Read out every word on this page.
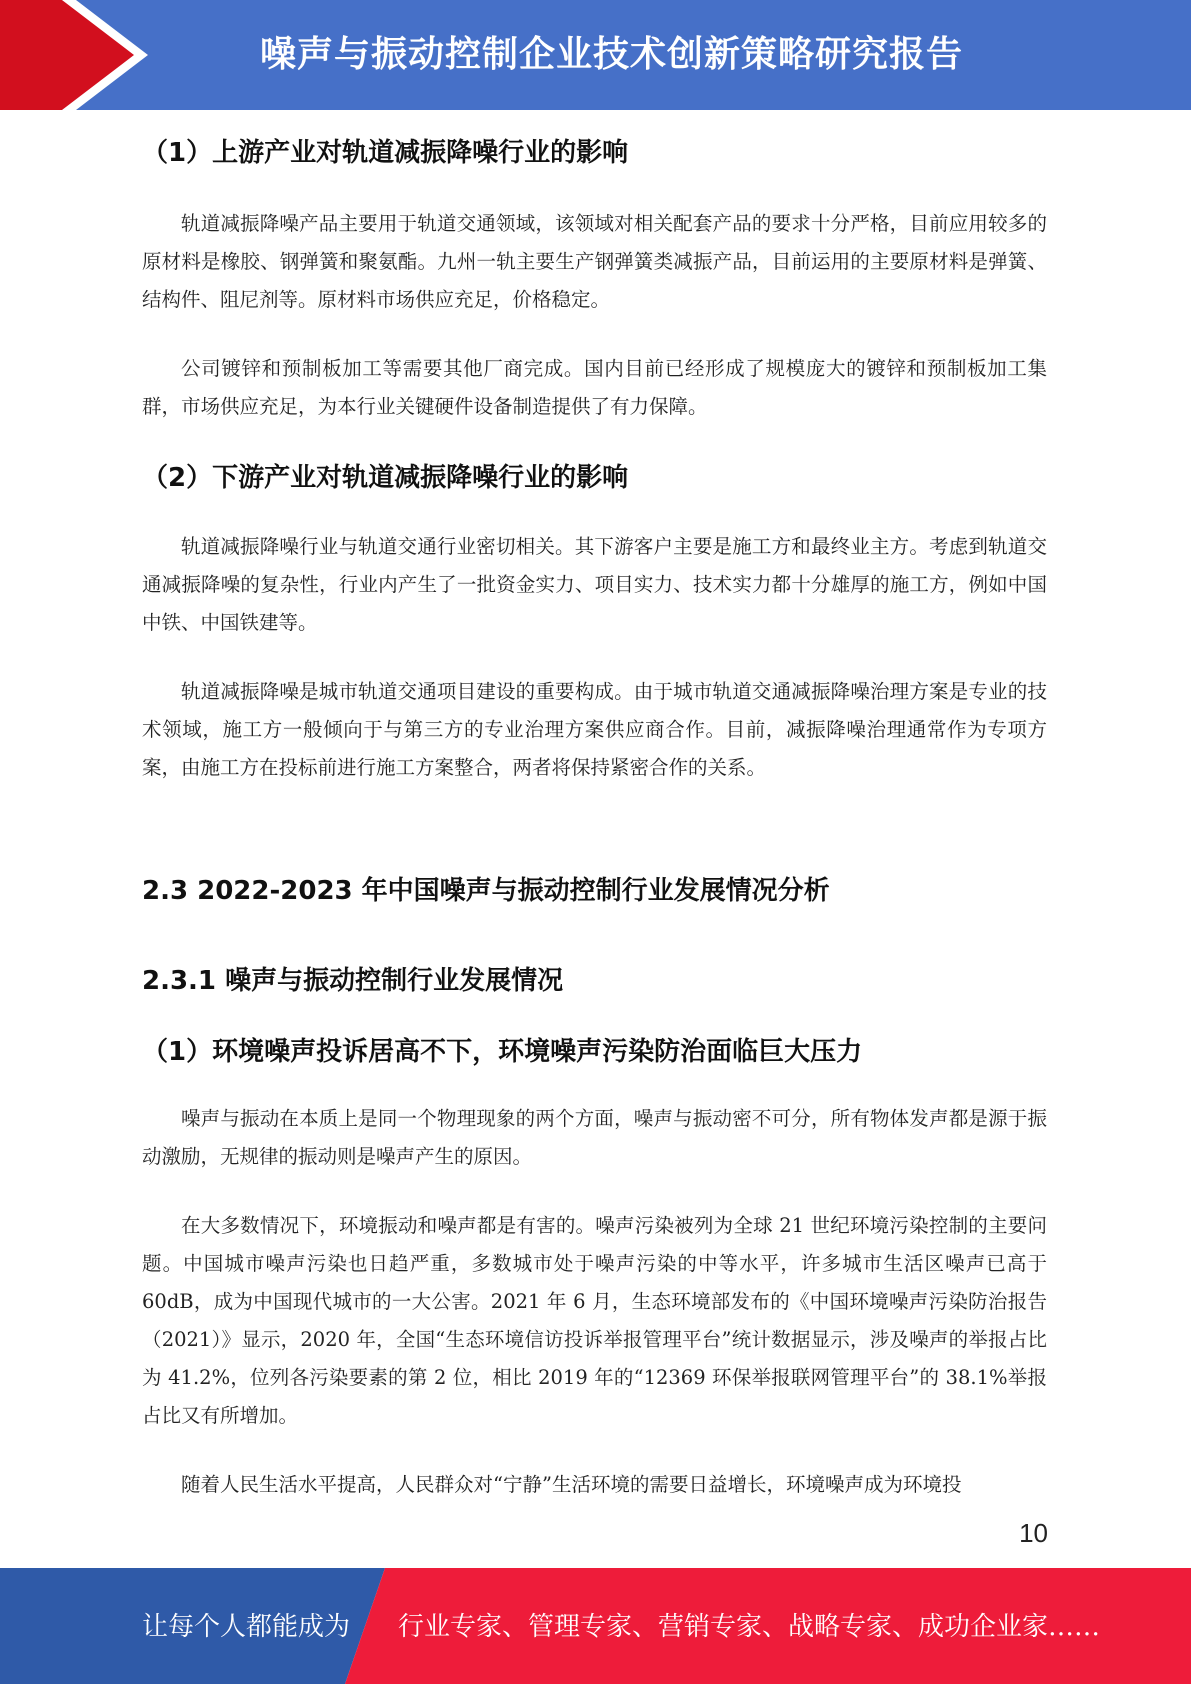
噪声与振动控制企业技术创新策略研究报告
（1）上游产业对轨道减振降噪行业的影响
轨道减振降噪产品主要用于轨道交通领域，该领域对相关配套产品的要求十分严格，目前应用较多的原材料是橡胶、钢弹簧和聚氨酯。九州一轨主要生产钢弹簧类减振产品，目前运用的主要原材料是弹簧、结构件、阻尼剂等。原材料市场供应充足，价格稳定。
公司镀锌和预制板加工等需要其他厂商完成。国内目前已经形成了规模庞大的镀锌和预制板加工集群，市场供应充足，为本行业关键硬件设备制造提供了有力保障。
（2）下游产业对轨道减振降噪行业的影响
轨道减振降噪行业与轨道交通行业密切相关。其下游客户主要是施工方和最终业主方。考虑到轨道交通减振降噪的复杂性，行业内产生了一批资金实力、项目实力、技术实力都十分雄厚的施工方，例如中国中铁、中国铁建等。
轨道减振降噪是城市轨道交通项目建设的重要构成。由于城市轨道交通减振降噪治理方案是专业的技术领域，施工方一般倾向于与第三方的专业治理方案供应商合作。目前，减振降噪治理通常作为专项方案，由施工方在投标前进行施工方案整合，两者将保持紧密合作的关系。
2.3 2022-2023 年中国噪声与振动控制行业发展情况分析
2.3.1 噪声与振动控制行业发展情况
（1）环境噪声投诉居高不下，环境噪声污染防治面临巨大压力
噪声与振动在本质上是同一个物理现象的两个方面，噪声与振动密不可分，所有物体发声都是源于振动激励，无规律的振动则是噪声产生的原因。
在大多数情况下，环境振动和噪声都是有害的。噪声污染被列为全球 21 世纪环境污染控制的主要问题。中国城市噪声污染也日趋严重，多数城市处于噪声污染的中等水平，许多城市生活区噪声已高于 60dB，成为中国现代城市的一大公害。2021 年 6 月，生态环境部发布的《中国环境噪声污染防治报告（2021）》显示，2020 年，全国“生态环境信访投诉举报管理平台”统计数据显示，涉及噪声的举报占比为 41.2%，位列各污染要素的第 2 位，相比 2019 年的“12369 环保举报联网管理平台”的 38.1%举报占比又有所增加。
随着人民生活水平提高，人民群众对“宁静”生活环境的需要日益增长，环境噪声成为环境投
10
让每个人都能成为 行业专家、管理专家、营销专家、战略专家、成功企业家……
